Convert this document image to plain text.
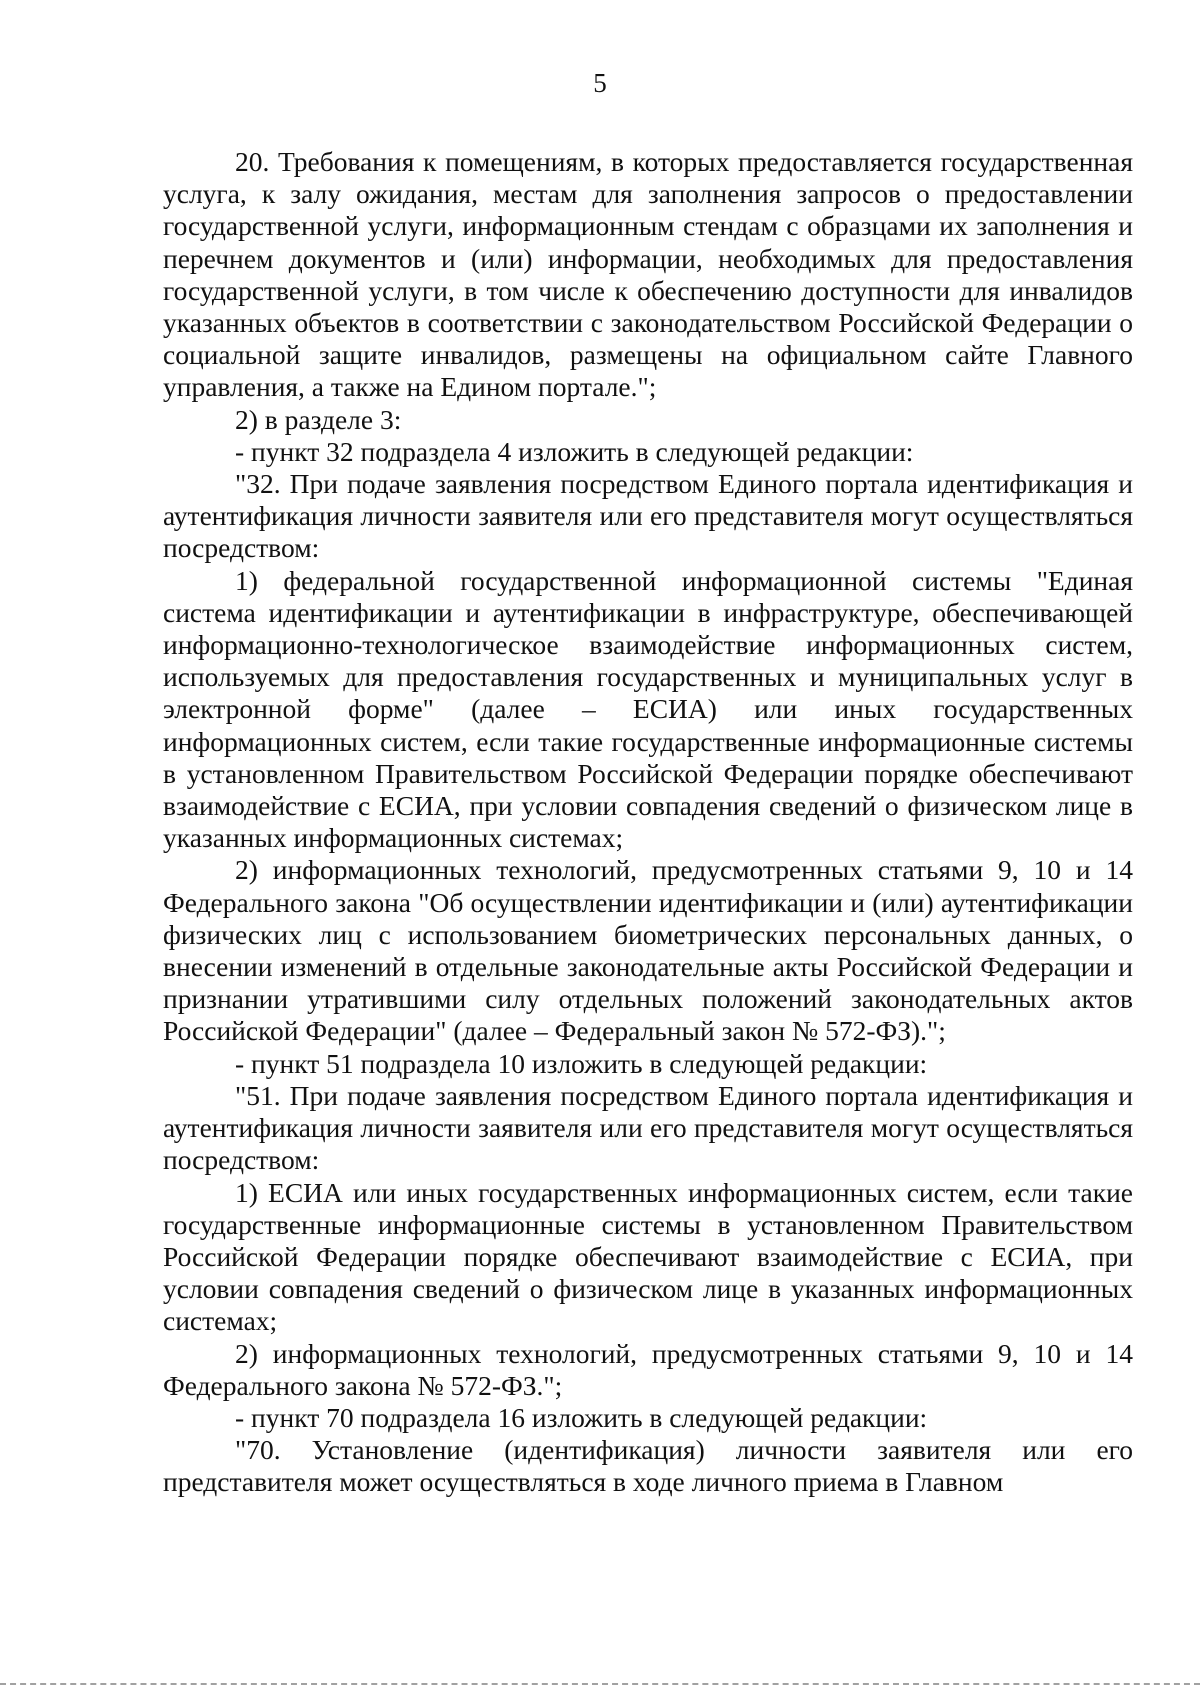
5

20. Требования к помещениям, в которых предоставляется государственная услуга, к залу ожидания, местам для заполнения запросов о предоставлении государственной услуги, информационным стендам с образцами их заполнения и перечнем документов и (или) информации, необходимых для предоставления государственной услуги, в том числе к обеспечению доступности для инвалидов указанных объектов в соответствии с законодательством Российской Федерации о социальной защите инвалидов, размещены на официальном сайте Главного управления, а также на Едином портале.";

2) в разделе 3:

- пункт 32 подраздела 4 изложить в следующей редакции:

"32. При подаче заявления посредством Единого портала идентификация и аутентификация личности заявителя или его представителя могут осуществляться посредством:

1) федеральной государственной информационной системы "Единая система идентификации и аутентификации в инфраструктуре, обеспечивающей информационно-технологическое взаимодействие информационных систем, используемых для предоставления государственных и муниципальных услуг в электронной форме" (далее – ЕСИА) или иных государственных информационных систем, если такие государственные информационные системы в установленном Правительством Российской Федерации порядке обеспечивают взаимодействие с ЕСИА, при условии совпадения сведений о физическом лице в указанных информационных системах;

2) информационных технологий, предусмотренных статьями 9, 10 и 14 Федерального закона "Об осуществлении идентификации и (или) аутентификации физических лиц с использованием биометрических персональных данных, о внесении изменений в отдельные законодательные акты Российской Федерации и признании утратившими силу отдельных положений законодательных актов Российской Федерации" (далее – Федеральный закон № 572-ФЗ).";

- пункт 51 подраздела 10 изложить в следующей редакции:

"51. При подаче заявления посредством Единого портала идентификация и аутентификация личности заявителя или его представителя могут осуществляться посредством:

1) ЕСИА или иных государственных информационных систем, если такие государственные информационные системы в установленном Правительством Российской Федерации порядке обеспечивают взаимодействие с ЕСИА, при условии совпадения сведений о физическом лице в указанных информационных системах;

2) информационных технологий, предусмотренных статьями 9, 10 и 14 Федерального закона № 572-ФЗ.";

- пункт 70 подраздела 16 изложить в следующей редакции:

"70. Установление (идентификация) личности заявителя или его представителя может осуществляться в ходе личного приема в Главном
